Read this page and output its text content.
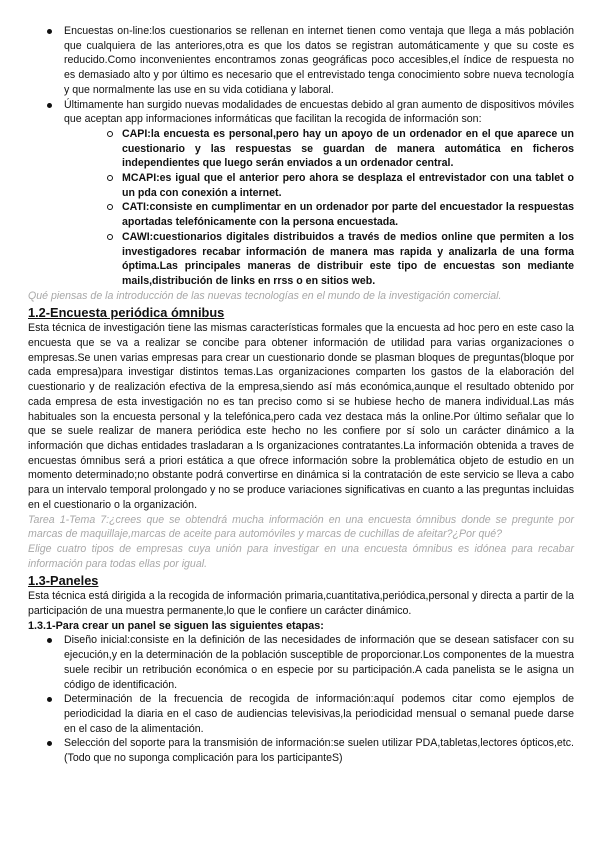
Encuestas on-line:los cuestionarios se rellenan en internet tienen como ventaja que llega a más población que cualquiera de las anteriores,otra es que los datos se registran automáticamente y que su coste es reducido.Como inconvenientes encontramos zonas geográficas poco accesibles,el índice de respuesta no es demasiado alto y por último es necesario que el entrevistado tenga conocimiento sobre nueva tecnología y que normalmente las use en su vida cotidiana y laboral.
Últimamente han surgido nuevas modalidades de encuestas debido al gran aumento de dispositivos móviles que aceptan app informaciones informáticas que facilitan la recogida de información son:
CAPI:la encuesta es personal,pero hay un apoyo de un ordenador en el que aparece un cuestionario y las respuestas se guardan de manera automática en ficheros independientes que luego serán enviados a un ordenador central.
MCAPI:es igual que el anterior pero ahora se desplaza el entrevistador con una tablet o un pda con conexión a internet.
CATI:consiste en cumplimentar en un ordenador por parte del encuestador la respuestas aportadas telefónicamente con la persona encuestada.
CAWI:cuestionarios digitales distribuidos a través de medios online que permiten a los investigadores recabar información de manera mas rapida y analizarla de una forma óptima.Las principales maneras de distribuir este tipo de encuestas son mediante mails,distribución de links en rrss o en sitios web.

Qué piensas de la introducción de las nuevas tecnologías en el mundo de la investigación comercial.

1.2-Encuesta periódica ómnibus

Esta técnica de investigación tiene las mismas características formales que la encuesta ad hoc pero en este caso la encuesta que se va a realizar se concibe para obtener información de utilidad para varias organizaciones o empresas.Se unen varias empresas para crear un cuestionario donde se plasman bloques de preguntas(bloque por cada empresa)para investigar distintos temas.Las organizaciones comparten los gastos de la elaboración del cuestionario y de realización efectiva de la empresa,siendo así más económica,aunque el resultado obtenido por cada empresa de esta investigación no es tan preciso como si se hubiese hecho de manera individual.Las más habituales son la encuesta personal y la telefónica,pero cada vez destaca más la online.Por último señalar que lo que se suele realizar de manera periódica este hecho no les confiere por sí solo un carácter dinámico a la información que dichas entidades trasladaran a ls organizaciones contratantes.La información obtenida a traves de encuestas ómnibus será a priori estática a que ofrece información sobre la problemática objeto de estudio en un momento determinado;no obstante podrá convertirse en dinámica si la contratación de este servicio se lleva a cabo para un intervalo temporal prolongado y no se produce variaciones significativas en cuanto a las preguntas incluidas en el cuestionario o la organización.

Tarea 1-Tema 7:¿crees que se obtendrá mucha información en una encuesta ómnibus donde se pregunte por marcas de maquillaje,marcas de aceite para automóviles y marcas de cuchillas de afeitar?¿Por qué?

Elige cuatro tipos de empresas cuya unión para investigar en una encuesta ómnibus es idónea para recabar información para todas ellas por igual.

1.3-Paneles

Esta técnica está dirigida a la recogida de información primaria,cuantitativa,periódica,personal y directa a partir de la participación de una muestra permanente,lo que le confiere un carácter dinámico.

1.3.1-Para crear un panel se siguen las siguientes etapas:
Diseño inicial:consiste en la definición de las necesidades de información que se desean satisfacer con su ejecución,y en la determinación de la población susceptible de proporcionar.Los componentes de la muestra suele recibir un retribución económica o en especie por su participación.A cada panelista se le asigna un código de identificación.
Determinación de la frecuencia de recogida de información:aquí podemos citar como ejemplos de periodicidad la diaria en el caso de audiencias televisivas,la periodicidad mensual o semanal puede darse en el caso de la alimentación.
Selección del soporte para la transmisión de información:se suelen utilizar PDA,tabletas,lectores ópticos,etc.(Todo que no suponga complicación para los participanteS)
